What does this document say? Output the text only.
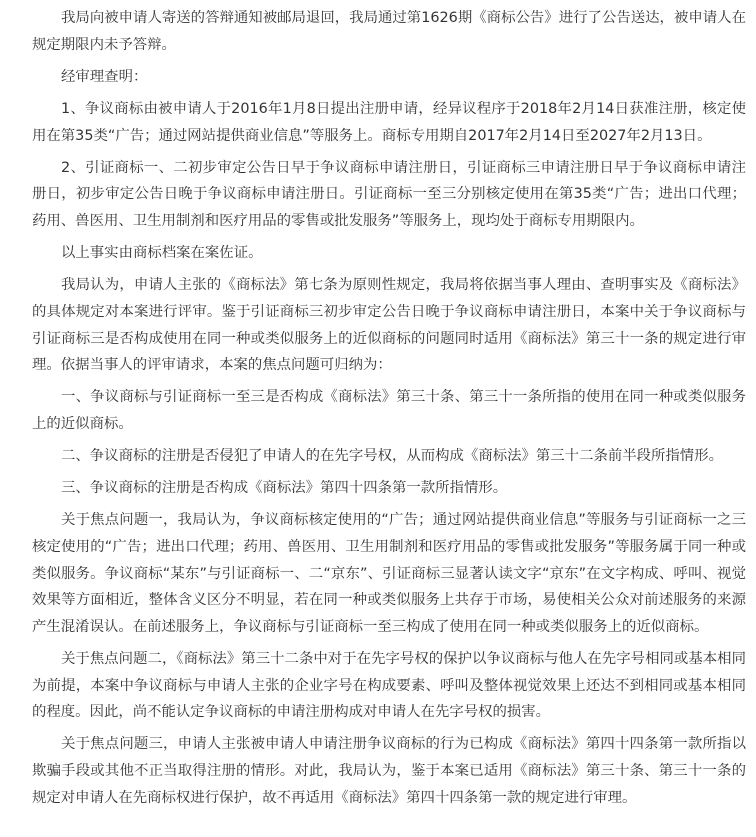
我局向被申请人寄送的答辩通知被邮局退回，我局通过第1626期《商标公告》进行了公告送达，被申请人在规定期限内未予答辩。

经审理查明：

1、争议商标由被申请人于2016年1月8日提出注册申请，经异议程序于2018年2月14日获准注册，核定使用在第35类“广告；通过网站提供商业信息”等服务上。商标专用期自2017年2月14日至2027年2月13日。

2、引证商标一、二初步审定公告日早于争议商标申请注册日，引证商标三申请注册日早于争议商标申请注册日，初步审定公告日晚于争议商标申请注册日。引证商标一至三分别核定使用在第35类“广告；进出口代理；药用、兽医用、卫生用制剂和医疗用品的零售或批发服务”等服务上，现均处于商标专用期限内。

以上事实由商标档案在案佐证。

我局认为，申请人主张的《商标法》第七条为原则性规定，我局将依据当事人理由、查明事实及《商标法》的具体规定对本案进行评审。鉴于引证商标三初步审定公告日晚于争议商标申请注册日，本案中关于争议商标与引证商标三是否构成使用在同一种或类似服务上的近似商标的问题同时适用《商标法》第三十一条的规定进行审理。依据当事人的评审请求，本案的焦点问题可归纳为：

一、争议商标与引证商标一至三是否构成《商标法》第三十条、第三十一条所指的使用在同一种或类似服务上的近似商标。

二、争议商标的注册是否侵犯了申请人的在先字号权，从而构成《商标法》第三十二条前半段所指情形。

三、争议商标的注册是否构成《商标法》第四十四条第一款所指情形。

关于焦点问题一，我局认为，争议商标核定使用的“广告；通过网站提供商业信息”等服务与引证商标一之三核定使用的“广告；进出口代理；药用、兽医用、卫生用制剂和医疗用品的零售或批发服务”等服务属于同一种或类似服务。争议商标“某东”与引证商标一、二“京东”、引证商标三显著认读文字“京东”在文字构成、呼叫、视觉效果等方面相近，整体含义区分不明显，若在同一种或类似服务上共存于市场，易使相关公众对前述服务的来源产生混淆误认。在前述服务上，争议商标与引证商标一至三构成了使用在同一种或类似服务上的近似商标。

关于焦点问题二，《商标法》第三十二条中对于在先字号权的保护以争议商标与他人在先字号相同或基本相同为前提，本案中争议商标与申请人主张的企业字号在构成要素、呼叫及整体视觉效果上还达不到相同或基本相同的程度。因此，尚不能认定争议商标的申请注册构成对申请人在先字号权的损害。

关于焦点问题三，申请人主张被申请人申请注册争议商标的行为已构成《商标法》第四十四条第一款所指以欺骗手段或其他不正当取得注册的情形。对此，我局认为，鉴于本案已适用《商标法》第三十条、第三十一条的规定对申请人在先商标权进行保护，故不再适用《商标法》第四十四条第一款的规定进行审理。
